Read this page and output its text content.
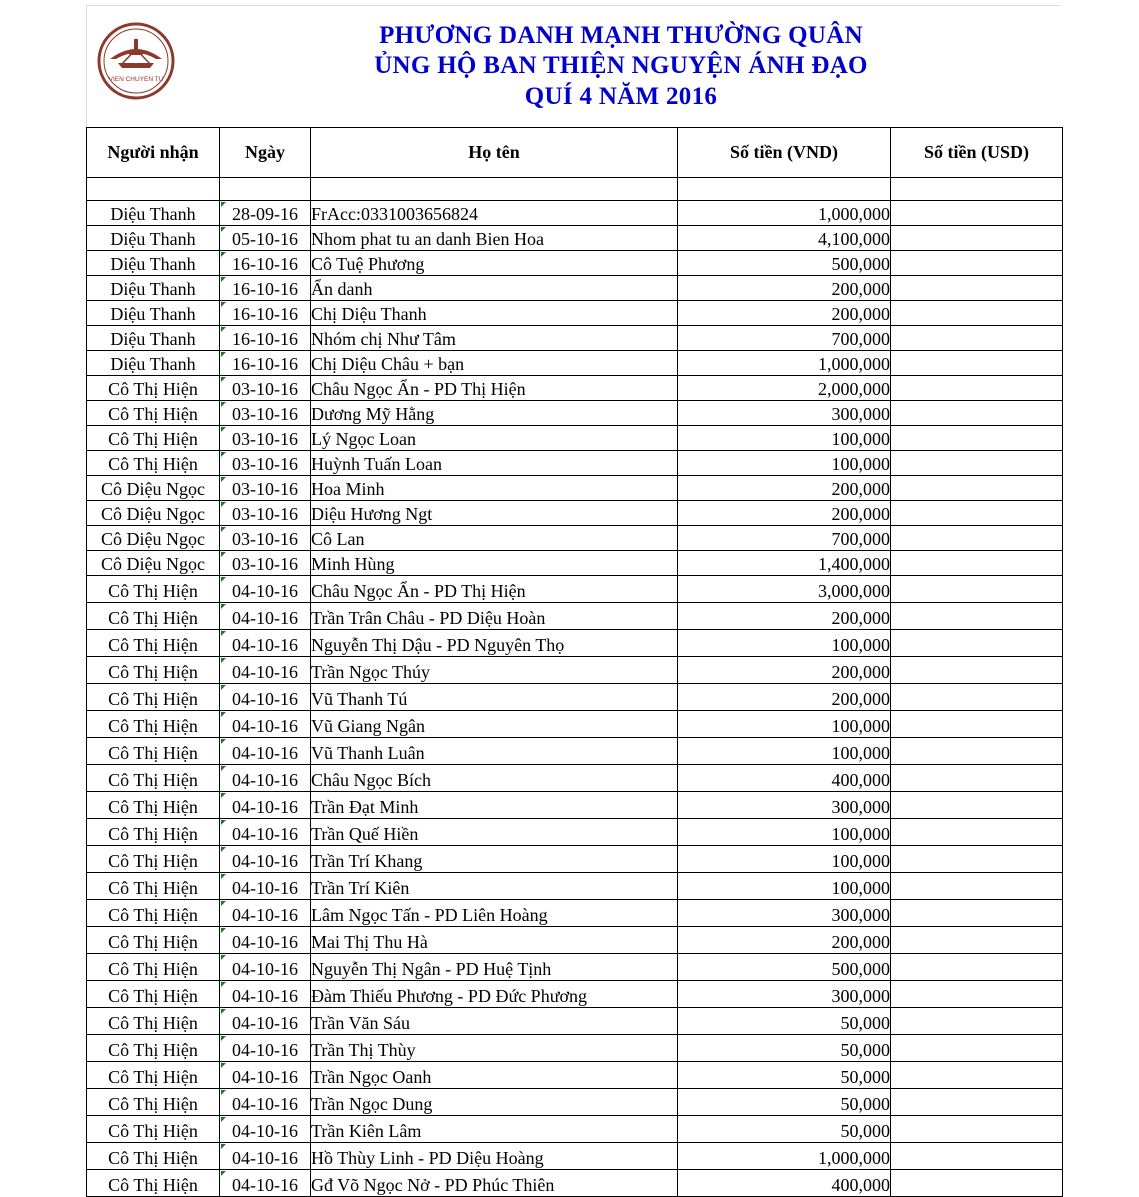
VIEN CHUYEN TU
PHƯƠNG DANH MẠNH THƯỜNG QUÂN
ỦNG HỘ BAN THIỆN NGUYỆN ÁNH ĐẠO
QUÍ 4 NĂM 2016
Người nhận	Ngày	Họ tên	Số tiền (VND)	Số tiền (USD)

Diệu Thanh	28-09-16	FrAcc:0331003656824	1,000,000	
Diệu Thanh	05-10-16	Nhom phat tu an danh Bien Hoa	4,100,000	
Diệu Thanh	16-10-16	Cô Tuệ Phương	500,000	
Diệu Thanh	16-10-16	Ẩn danh	200,000	
Diệu Thanh	16-10-16	Chị Diệu Thanh	200,000	
Diệu Thanh	16-10-16	Nhóm chị Như Tâm	700,000	
Diệu Thanh	16-10-16	Chị Diệu Châu + bạn	1,000,000	
Cô Thị Hiện	03-10-16	Châu Ngọc Ẩn - PD Thị Hiện	2,000,000	
Cô Thị Hiện	03-10-16	Dương Mỹ Hằng	300,000	
Cô Thị Hiện	03-10-16	Lý Ngọc Loan	100,000	
Cô Thị Hiện	03-10-16	Huỳnh Tuấn Loan	100,000	
Cô Diệu Ngọc	03-10-16	Hoa Minh	200,000	
Cô Diệu Ngọc	03-10-16	Diệu Hương Ngt	200,000	
Cô Diệu Ngọc	03-10-16	Cô Lan	700,000	
Cô Diệu Ngọc	03-10-16	Minh Hùng	1,400,000	
Cô Thị Hiện	04-10-16	Châu Ngọc Ẩn - PD Thị Hiện	3,000,000	
Cô Thị Hiện	04-10-16	Trần Trân Châu - PD Diệu Hoàn	200,000	
Cô Thị Hiện	04-10-16	Nguyễn Thị Dậu - PD Nguyên Thọ	100,000	
Cô Thị Hiện	04-10-16	Trần Ngọc Thúy	200,000	
Cô Thị Hiện	04-10-16	Vũ Thanh Tú	200,000	
Cô Thị Hiện	04-10-16	Vũ Giang Ngân	100,000	
Cô Thị Hiện	04-10-16	Vũ Thanh Luân	100,000	
Cô Thị Hiện	04-10-16	Châu Ngọc Bích	400,000	
Cô Thị Hiện	04-10-16	Trần Đạt Minh	300,000	
Cô Thị Hiện	04-10-16	Trần Quế Hiền	100,000	
Cô Thị Hiện	04-10-16	Trần Trí Khang	100,000	
Cô Thị Hiện	04-10-16	Trần Trí Kiên	100,000	
Cô Thị Hiện	04-10-16	Lâm Ngọc Tấn - PD Liên Hoàng	300,000	
Cô Thị Hiện	04-10-16	Mai Thị Thu Hà	200,000	
Cô Thị Hiện	04-10-16	Nguyễn Thị Ngân - PD Huệ Tịnh	500,000	
Cô Thị Hiện	04-10-16	Đàm Thiếu Phương - PD Đức Phương	300,000	
Cô Thị Hiện	04-10-16	Trần Văn Sáu	50,000	
Cô Thị Hiện	04-10-16	Trần Thị Thùy	50,000	
Cô Thị Hiện	04-10-16	Trần Ngọc Oanh	50,000	
Cô Thị Hiện	04-10-16	Trần Ngọc Dung	50,000	
Cô Thị Hiện	04-10-16	Trần Kiên Lâm	50,000	
Cô Thị Hiện	04-10-16	Hồ Thùy Linh - PD Diệu Hoàng	1,000,000	
Cô Thị Hiện	04-10-16	Gđ Võ Ngọc Nở - PD Phúc Thiên	400,000	
